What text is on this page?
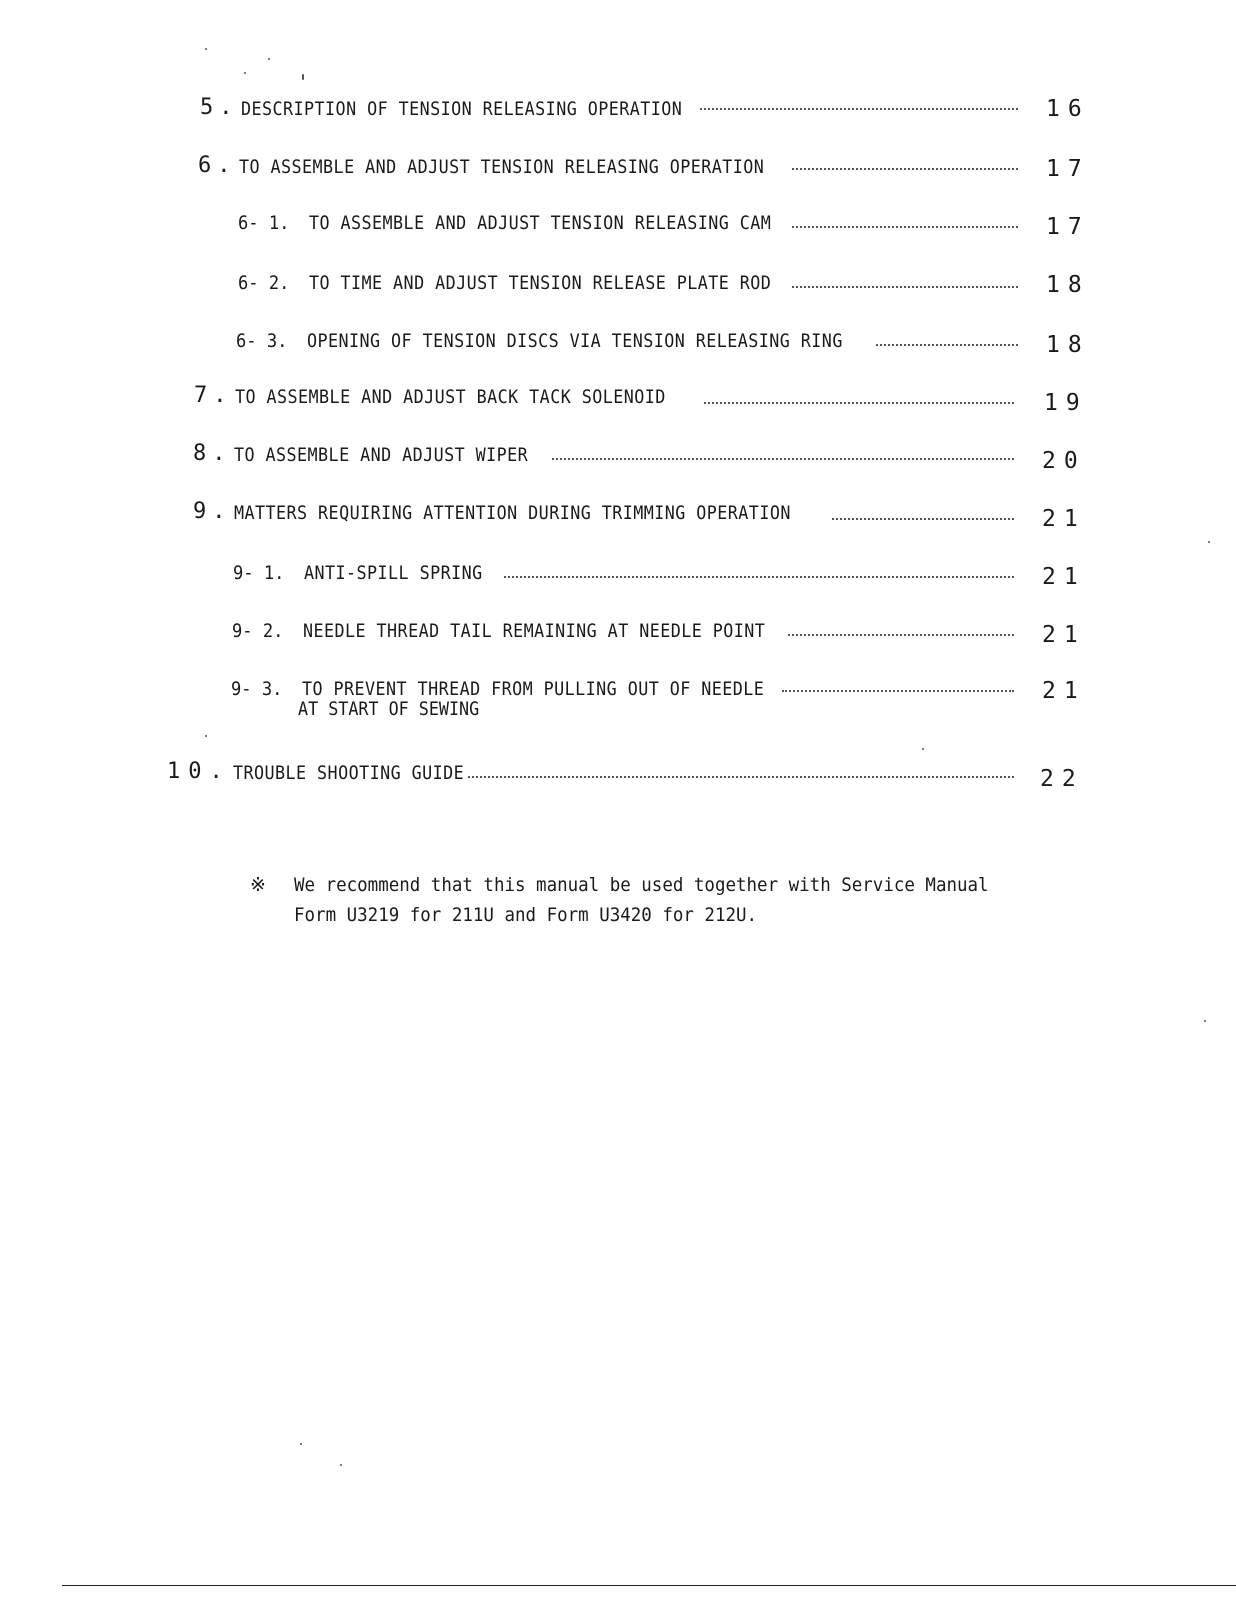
5. DESCRIPTION OF TENSION RELEASING OPERATION	16
6. TO ASSEMBLE AND ADJUST TENSION RELEASING OPERATION	17
6- 1. TO ASSEMBLE AND ADJUST TENSION RELEASING CAM	17
6- 2. TO TIME AND ADJUST TENSION RELEASE PLATE ROD	18
6- 3. OPENING OF TENSION DISCS VIA TENSION RELEASING RING	18
7. TO ASSEMBLE AND ADJUST BACK TACK SOLENOID	19
8. TO ASSEMBLE AND ADJUST WIPER	20
9. MATTERS REQUIRING ATTENTION DURING TRIMMING OPERATION	21
9- 1. ANTI-SPILL SPRING	21
9- 2. NEEDLE THREAD TAIL REMAINING AT NEEDLE POINT	21
9- 3. TO PREVENT THREAD FROM PULLING OUT OF NEEDLE	21
AT START OF SEWING
10. TROUBLE SHOOTING GUIDE	22
※ We recommend that this manual be used together with Service Manual Form U3219 for 211U and Form U3420 for 212U.
